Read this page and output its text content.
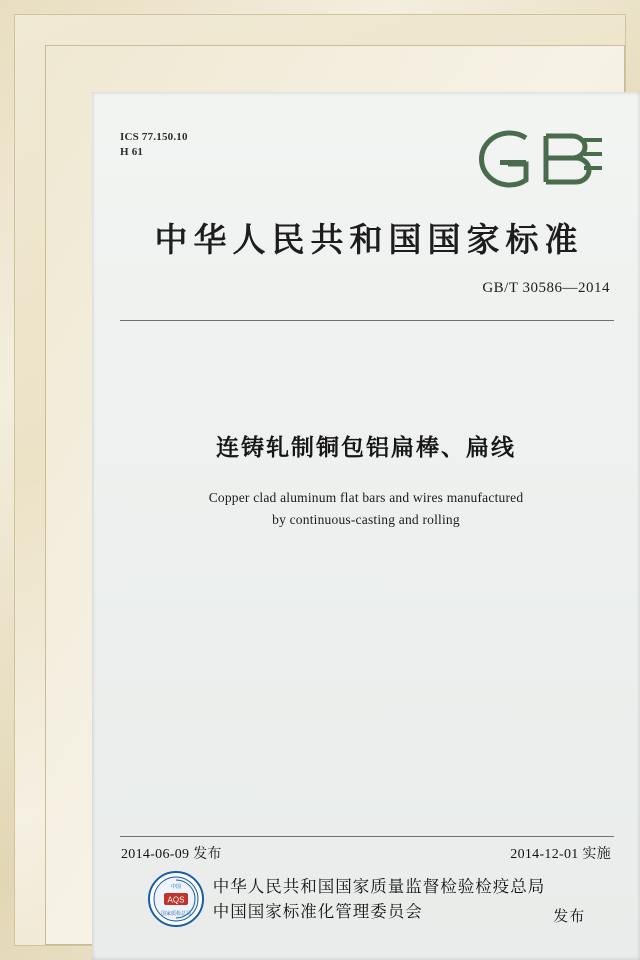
ICS 77.150.10
H 61
中华人民共和国国家标准
GB/T 30586—2014
连铸轧制铜包铝扁棒、扁线
Copper clad aluminum flat bars and wires manufactured
by continuous-casting and rolling
2014-06-09 发布	2014-12-01 实施
AQS
国家质检总局
中国 中华人民共和国国家质量监督检验检疫总局
中国国家标准化管理委员会	发布
